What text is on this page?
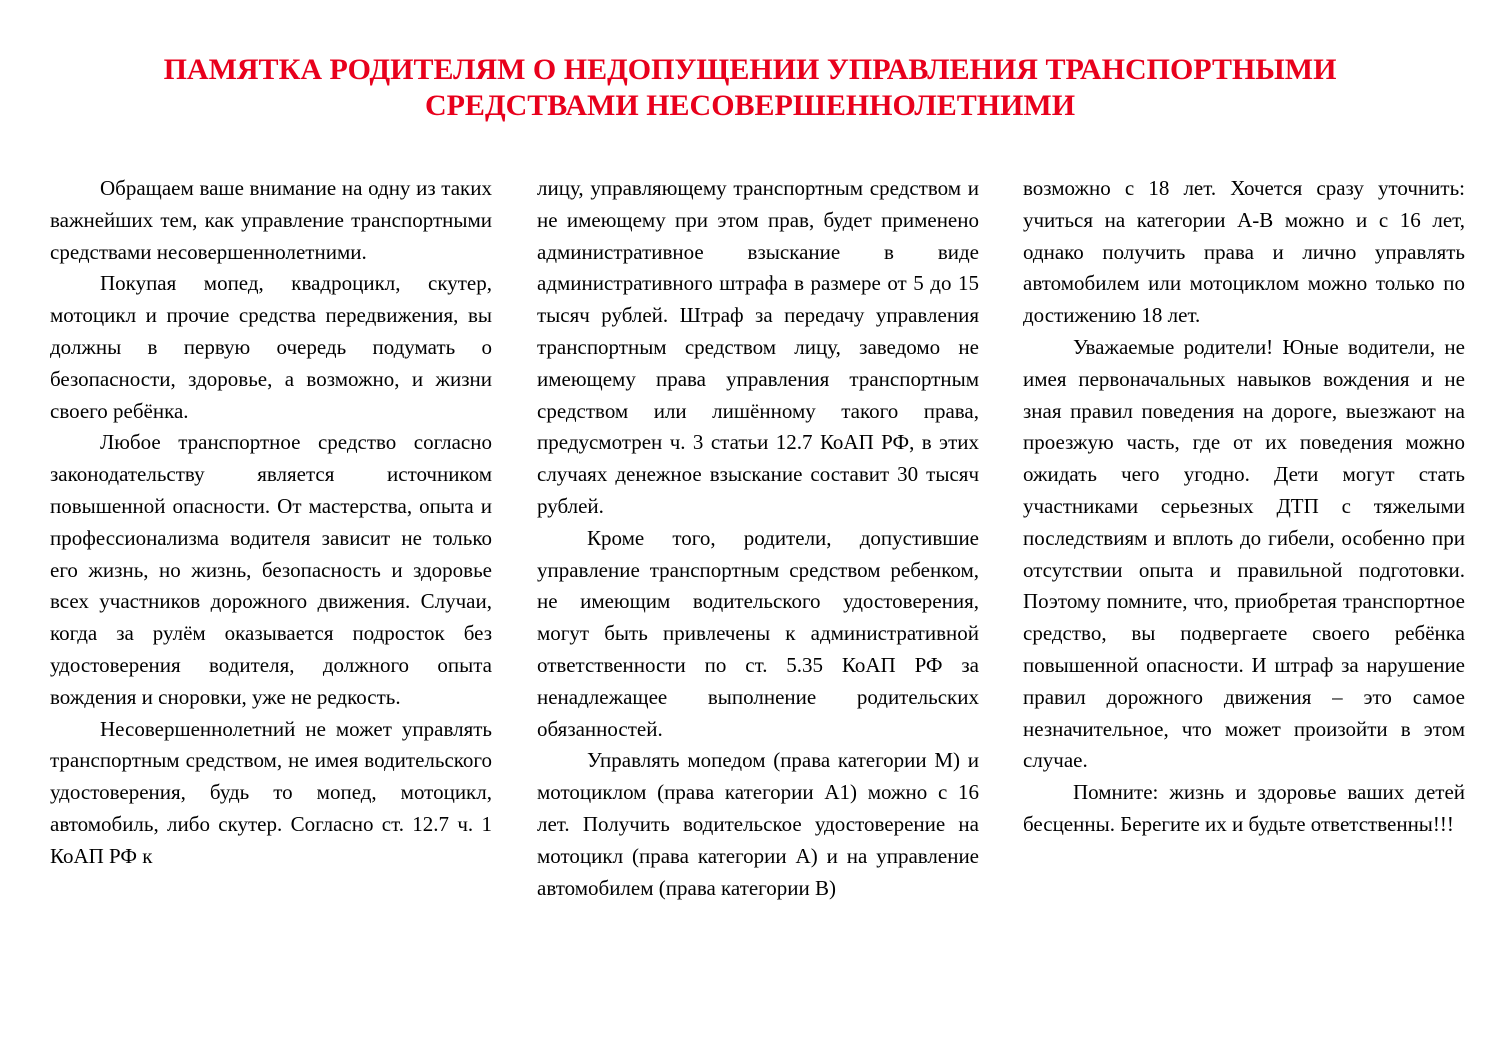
ПАМЯТКА РОДИТЕЛЯМ О НЕДОПУЩЕНИИ УПРАВЛЕНИЯ ТРАНСПОРТНЫМИ
СРЕДСТВАМИ НЕСОВЕРШЕННОЛЕТНИМИ

Обращаем ваше внимание на одну из таких важнейших тем, как управление транспортными средствами несовершеннолетними.

Покупая мопед, квадроцикл, скутер, мотоцикл и прочие средства передвижения, вы должны в первую очередь подумать о безопасности, здоровье, а возможно, и жизни своего ребёнка.

Любое транспортное средство согласно законодательству является источником повышенной опасности. От мастерства, опыта и профессионализма водителя зависит не только его жизнь, но жизнь, безопасность и здоровье всех участников дорожного движения. Случаи, когда за рулём оказывается подросток без удостоверения водителя, должного опыта вождения и сноровки, уже не редкость.

Несовершеннолетний не может управлять транспортным средством, не имея водительского удостоверения, будь то мопед, мотоцикл, автомобиль, либо скутер. Согласно ст. 12.7 ч. 1 КоАП РФ к

лицу, управляющему транспортным средством и не имеющему при этом прав, будет применено административное взыскание в виде административного штрафа в размере от 5 до 15 тысяч рублей. Штраф за передачу управления транспортным средством лицу, заведомо не имеющему права управления транспортным средством или лишённому такого права, предусмотрен ч. 3 статьи 12.7 КоАП РФ, в этих случаях денежное взыскание составит 30 тысяч рублей.

Кроме того, родители, допустившие управление транспортным средством ребенком, не имеющим водительского удостоверения, могут быть привлечены к административной ответственности по ст. 5.35 КоАП РФ за ненадлежащее выполнение родительских обязанностей.

Управлять мопедом (права категории М) и мотоциклом (права категории А1) можно с 16 лет. Получить водительское удостоверение на мотоцикл (права категории А) и на управление автомобилем (права категории В)

возможно с 18 лет. Хочется сразу уточнить: учиться на категории А-В можно и с 16 лет, однако получить права и лично управлять автомобилем или мотоциклом можно только по достижению 18 лет.

Уважаемые родители! Юные водители, не имея первоначальных навыков вождения и не зная правил поведения на дороге, выезжают на проезжую часть, где от их поведения можно ожидать чего угодно. Дети могут стать участниками серьезных ДТП с тяжелыми последствиям и вплоть до гибели, особенно при отсутствии опыта и правильной подготовки. Поэтому помните, что, приобретая транспортное средство, вы подвергаете своего ребёнка повышенной опасности. И штраф за нарушение правил дорожного движения – это самое незначительное, что может произойти в этом случае.

Помните: жизнь и здоровье ваших детей бесценны. Берегите их и будьте ответственны!!!
